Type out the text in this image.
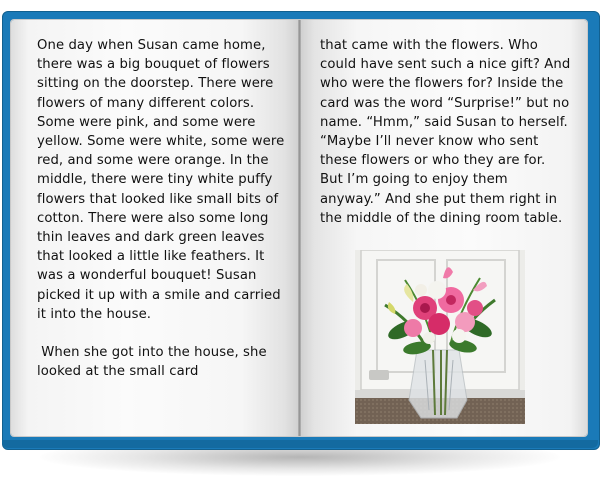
One day when Susan came home, there was a big bouquet of flowers sitting on the doorstep. There were flowers of many different colors. Some were pink, and some were yellow. Some were white, some were red, and some were orange. In the middle, there were tiny white puffy flowers that looked like small bits of cotton. There were also some long thin leaves and dark green leaves that looked a little like feathers. It was a wonderful bouquet! Susan picked it up with a smile and carried it into the house.
When she got into the house, she looked at the small card
that came with the flowers. Who could have sent such a nice gift? And who were the flowers for? Inside the card was the word “Surprise!” but no name. “Hmm,” said Susan to herself. “Maybe I’ll never know who sent these flowers or who they are for. But I’m going to enjoy them anyway.” And she put them right in the middle of the dining room table.
